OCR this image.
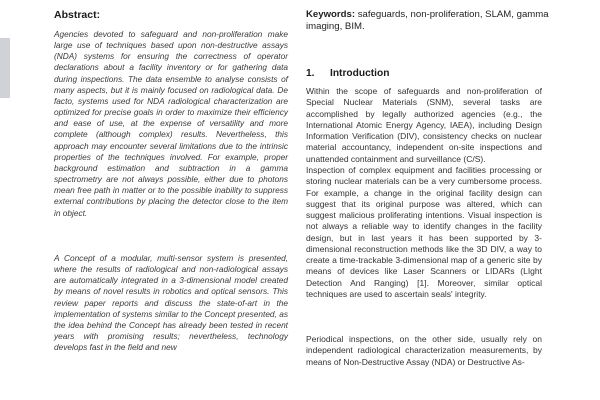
Abstract:

Agencies devoted to safeguard and non-proliferation make large use of techniques based upon non-destructive assays (NDA) systems for ensuring the correctness of operator declarations about a facility inventory or for gathering data during inspections. The data ensemble to analyse consists of many aspects, but it is mainly focused on radiological data. De facto, systems used for NDA radiological characterization are optimized for precise goals in order to maximize their efficiency and ease of use, at the expense of versatility and more complete (although complex) results. Nevertheless, this approach may encounter several limitations due to the intrinsic properties of the techniques involved. For example, proper background estimation and subtraction in a gamma spectrometry are not always possible, either due to photons mean free path in matter or to the possible inability to suppress external contributions by placing the detector close to the item in object.

A Concept of a modular, multi-sensor system is presented, where the results of radiological and non-radiological assays are automatically integrated in a 3-dimensional model created by means of novel results in robotics and optical sensors. This review paper reports and discuss the state-of-art in the implementation of systems similar to the Concept presented, as the idea behind the Concept has already been tested in recent years with promising results; nevertheless, technology develops fast in the field and new

Keywords: safeguards, non-proliferation, SLAM, gamma imaging, BIM.

1. Introduction

Within the scope of safeguards and non-proliferation of Special Nuclear Materials (SNM), several tasks are accomplished by legally authorized agencies (e.g., the International Atomic Energy Agency, IAEA), including Design Information Verification (DIV), consistency checks on nuclear material accountancy, independent on-site inspections and unattended containment and surveillance (C/S).

Inspection of complex equipment and facilities processing or storing nuclear materials can be a very cumbersome process. For example, a change in the original facility design can suggest that its original purpose was altered, which can suggest malicious proliferating intentions. Visual inspection is not always a reliable way to identify changes in the facility design, but in last years it has been supported by 3-dimensional reconstruction methods like the 3D DIV, a way to create a time-trackable 3-dimensional map of a generic site by means of devices like Laser Scanners or LIDARs (LIght Detection And Ranging) [1]. Moreover, similar optical techniques are used to ascertain seals' integrity.

Periodical inspections, on the other side, usually rely on independent radiological characterization measurements, by means of Non-Destructive Assay (NDA) or Destructive As-
